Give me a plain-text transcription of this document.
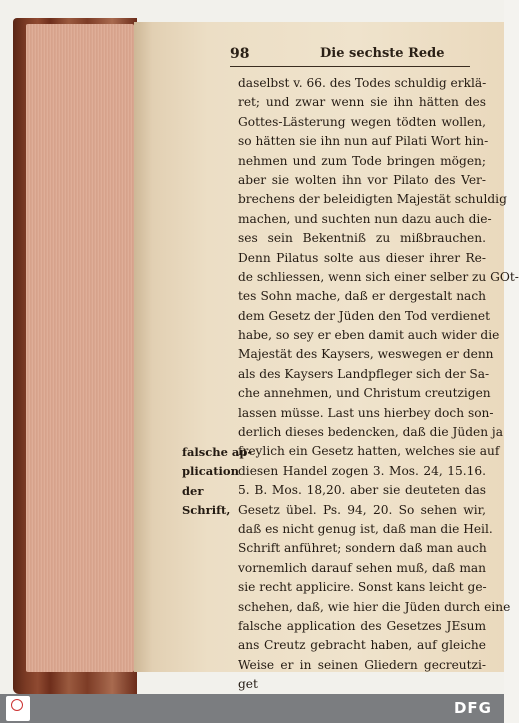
98	Die sechste Rede
falsche ap-
plication
der
Schrift,
daselbst v. 66. des Todes schuldig erklä-
ret; und zwar wenn sie ihn hätten des
Gottes-Lästerung wegen tödten wollen,
so hätten sie ihn nun auf Pilati Wort hin-
nehmen und zum Tode bringen mögen;
aber sie wolten ihn vor Pilato des Ver-
brechens der beleidigten Majestät schuldig
machen, und suchten nun dazu auch die-
ses sein Bekentniß zu mißbrauchen.
Denn Pilatus solte aus dieser ihrer Re-
de schliessen, wenn sich einer selber zu GOt-
tes Sohn mache, daß er dergestalt nach
dem Gesetz der Jüden den Tod verdienet
habe, so sey er eben damit auch wider die
Majestät des Kaysers, weswegen er denn
als des Kaysers Landpfleger sich der Sa-
che annehmen, und Christum creutzigen
lassen müsse. Last uns hierbey doch son-
derlich dieses bedencken, daß die Jüden ja
freylich ein Gesetz hatten, welches sie auf
diesen Handel zogen 3. Mos. 24, 15.16.
5. B. Mos. 18,20. aber sie deuteten das
Gesetz übel. Ps. 94, 20. So sehen wir,
daß es nicht genug ist, daß man die Heil.
Schrift anführet; sondern daß man auch
vornemlich darauf sehen muß, daß man
sie recht applicire. Sonst kans leicht ge-
schehen, daß, wie hier die Jüden durch eine
falsche application des Gesetzes JEsum
ans Creutz gebracht haben, auf gleiche
Weise er in seinen Gliedern gecreutzi-
get
DFG
